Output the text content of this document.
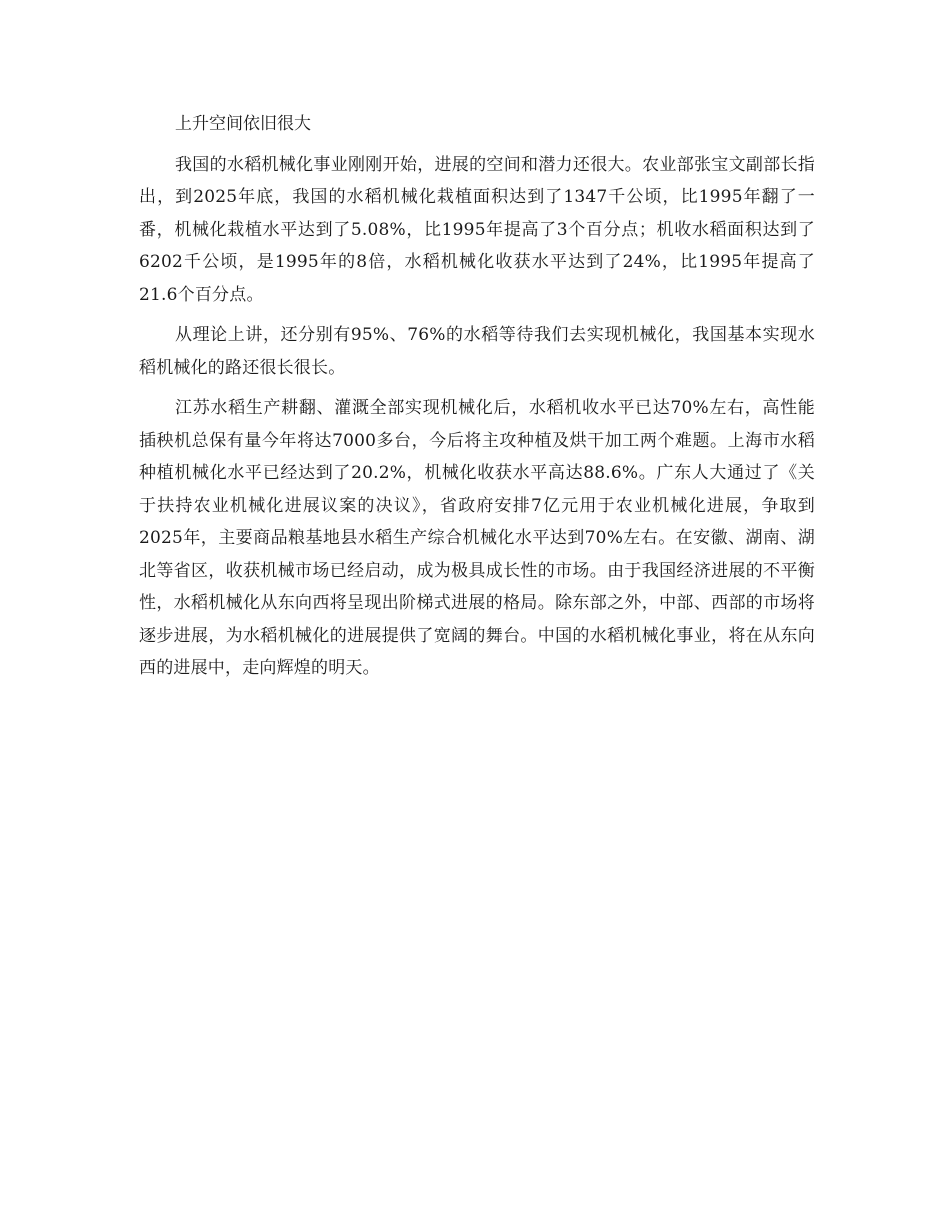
上升空间依旧很大

我国的水稻机械化事业刚刚开始，进展的空间和潜力还很大。农业部张宝文副部长指出，到2025年底，我国的水稻机械化栽植面积达到了1347千公顷，比1995年翻了一番，机械化栽植水平达到了5.08%，比1995年提高了3个百分点；机收水稻面积达到了6202千公顷，是1995年的8倍，水稻机械化收获水平达到了24%，比1995年提高了21.6个百分点。

从理论上讲，还分别有95%、76%的水稻等待我们去实现机械化，我国基本实现水稻机械化的路还很长很长。

江苏水稻生产耕翻、灌溉全部实现机械化后，水稻机收水平已达70%左右，高性能插秧机总保有量今年将达7000多台，今后将主攻种植及烘干加工两个难题。上海市水稻种植机械化水平已经达到了20.2%，机械化收获水平高达88.6%。广东人大通过了《关于扶持农业机械化进展议案的决议》，省政府安排7亿元用于农业机械化进展，争取到2025年，主要商品粮基地县水稻生产综合机械化水平达到70%左右。在安徽、湖南、湖北等省区，收获机械市场已经启动，成为极具成长性的市场。由于我国经济进展的不平衡性，水稻机械化从东向西将呈现出阶梯式进展的格局。除东部之外，中部、西部的市场将逐步进展，为水稻机械化的进展提供了宽阔的舞台。中国的水稻机械化事业，将在从东向西的进展中，走向辉煌的明天。
